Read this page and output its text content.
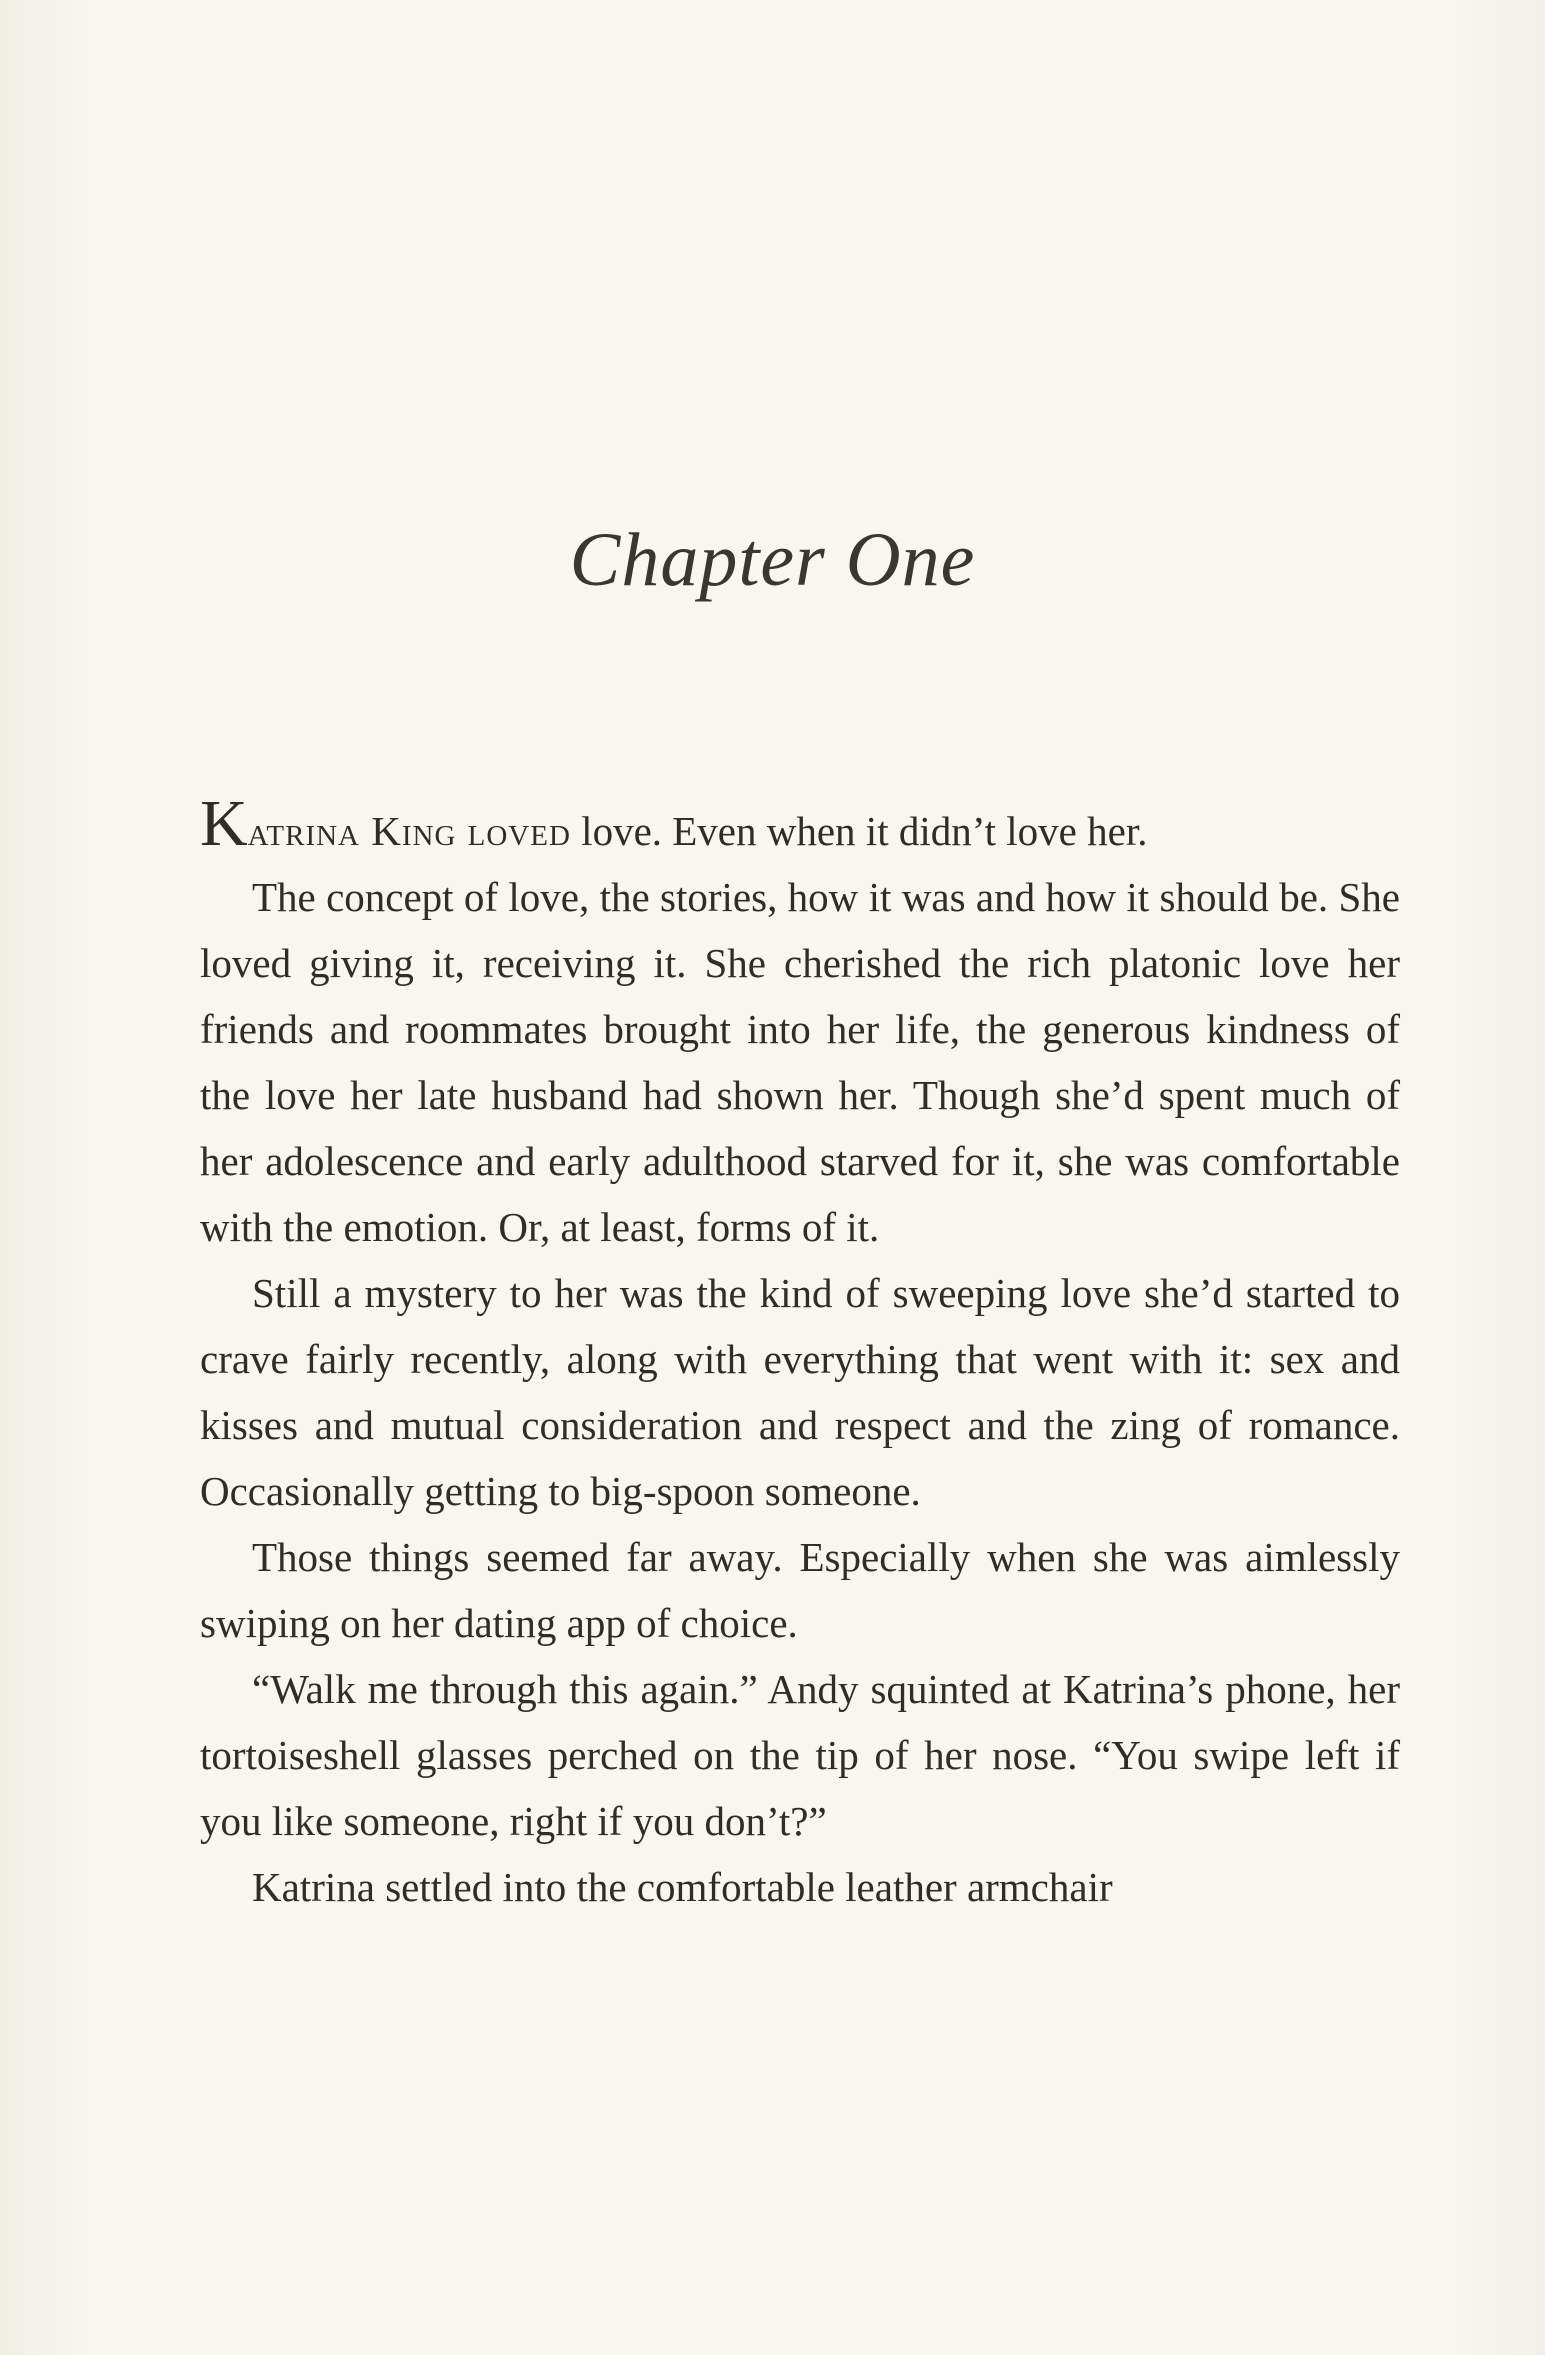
Chapter One

Katrina King loved love. Even when it didn’t love her.

The concept of love, the stories, how it was and how it should be. She loved giving it, receiving it. She cherished the rich platonic love her friends and roommates brought into her life, the generous kindness of the love her late husband had shown her. Though she’d spent much of her adolescence and early adulthood starved for it, she was comfortable with the emotion. Or, at least, forms of it.

Still a mystery to her was the kind of sweeping love she’d started to crave fairly recently, along with everything that went with it: sex and kisses and mutual consideration and respect and the zing of romance. Occasionally getting to big-spoon someone.

Those things seemed far away. Especially when she was aimlessly swiping on her dating app of choice.

“Walk me through this again.” Andy squinted at Katrina’s phone, her tortoiseshell glasses perched on the tip of her nose. “You swipe left if you like someone, right if you don’t?”

Katrina settled into the comfortable leather armchair
